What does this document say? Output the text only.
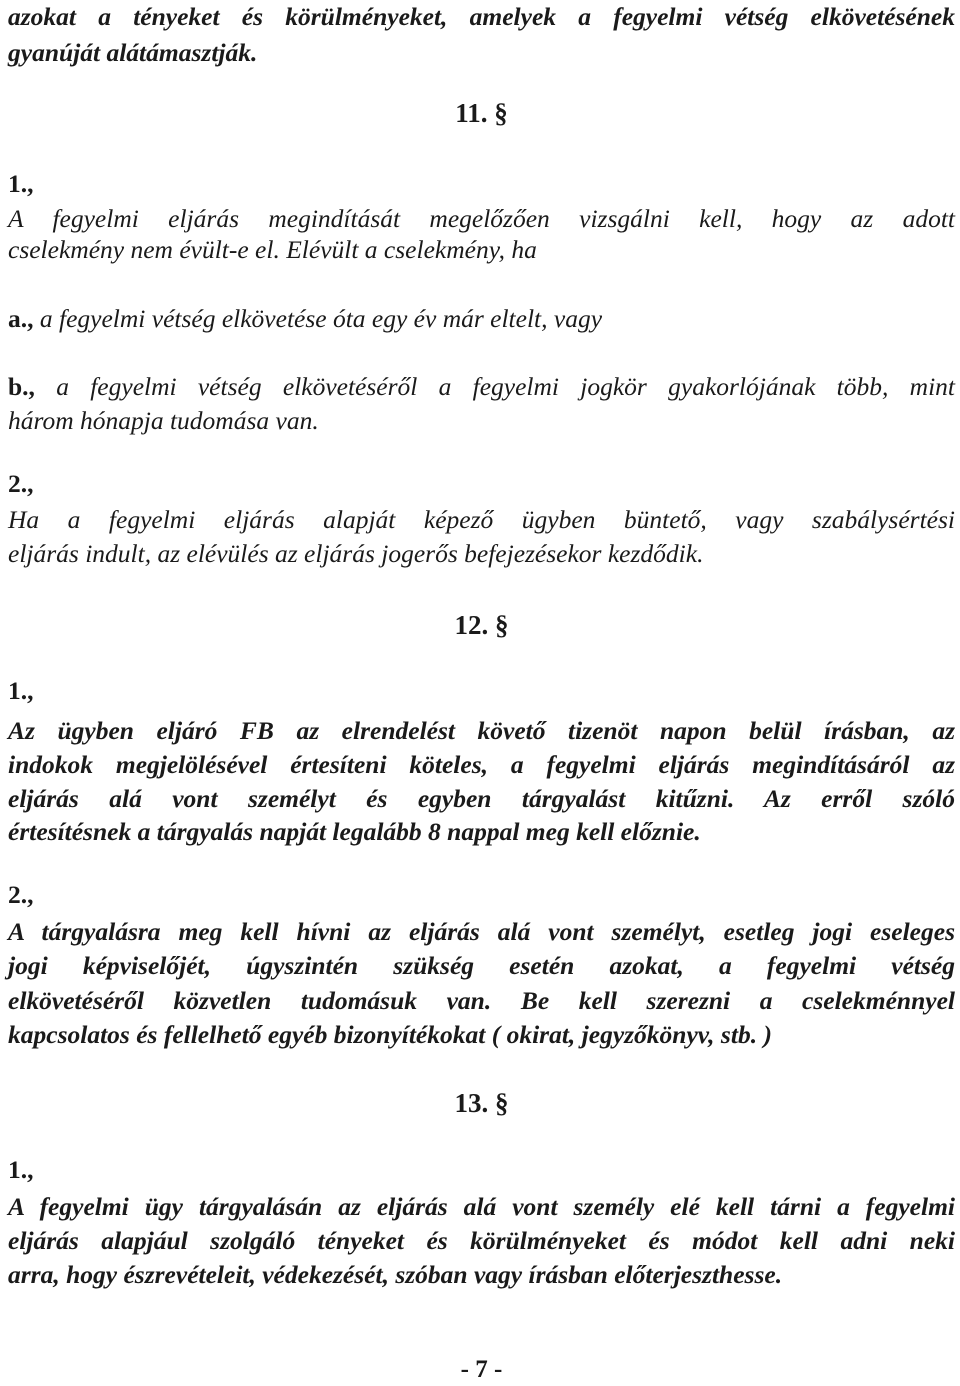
azokat a tényeket és körülményeket, amelyek a fegyelmi vétség elkövetésének
gyanúját alátámasztják.
11. §
1.,
A fegyelmi eljárás megindítását megelőzően vizsgálni kell, hogy az adott
cselekmény nem évült-e el. Elévült a cselekmény, ha
a., a fegyelmi vétség elkövetése óta egy év már eltelt, vagy
b., a fegyelmi vétség elkövetéséről a fegyelmi jogkör gyakorlójának több, mint
három hónapja tudomása van.
2.,
Ha a fegyelmi eljárás alapját képező ügyben büntető, vagy szabálysértési
eljárás indult, az elévülés az eljárás jogerős befejezésekor kezdődik.
12. §
1.,
Az ügyben eljáró FB az elrendelést követő tizenöt napon belül írásban, az
indokok megjelölésével értesíteni köteles, a fegyelmi eljárás megindításáról az
eljárás alá vont személyt és egyben tárgyalást kitűzni. Az erről szóló
értesítésnek a tárgyalás napját legalább 8 nappal meg kell előznie.
2.,
A tárgyalásra meg kell hívni az eljárás alá vont személyt, esetleg jogi eseleges
jogi képviselőjét, úgyszintén szükség esetén azokat, a fegyelmi vétség
elkövetéséről közvetlen tudomásuk van. Be kell szerezni a cselekménnyel
kapcsolatos és fellelhető egyéb bizonyítékokat ( okirat, jegyzőkönyv, stb. )
13. §
1.,
A fegyelmi ügy tárgyalásán az eljárás alá vont személy elé kell tárni a fegyelmi
eljárás alapjául szolgáló tényeket és körülményeket és módot kell adni neki
arra, hogy észrevételeit, védekezését, szóban vagy írásban előterjeszthesse.
- 7 -
